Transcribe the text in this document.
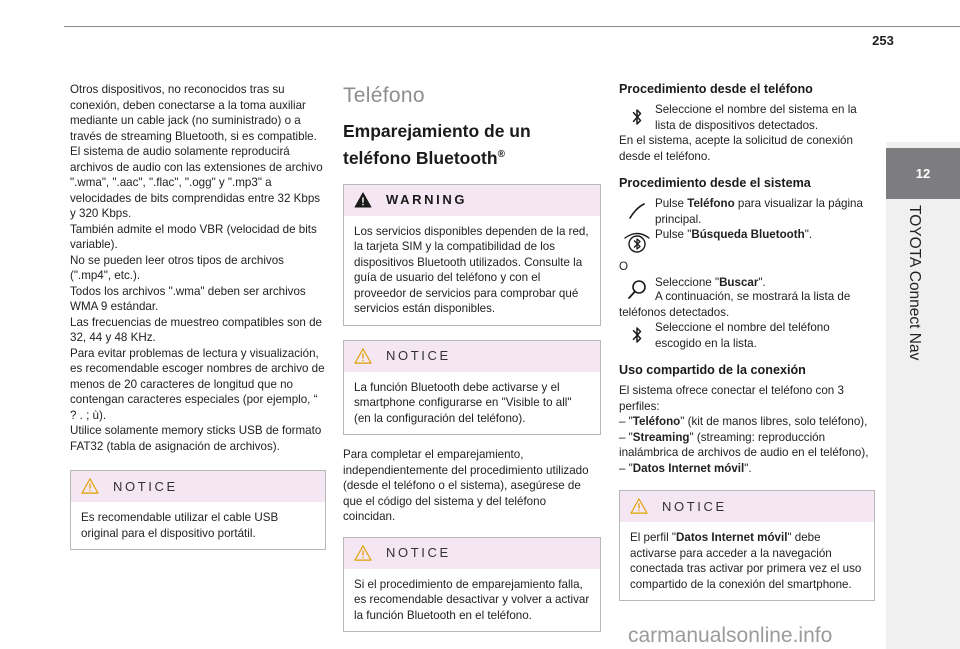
253
12
TOYOTA Connect Nav

Otros dispositivos, no reconocidos tras su conexión, deben conectarse a la toma auxiliar mediante un cable jack (no suministrado) o a través de streaming Bluetooth, si es compatible.

El sistema de audio solamente reproducirá archivos de audio con las extensiones de archivo ".wma", ".aac", ".flac", ".ogg" y ".mp3" a velocidades de bits comprendidas entre 32 Kbps y 320 Kbps.

También admite el modo VBR (velocidad de bits variable).

No se pueden leer otros tipos de archivos (".mp4", etc.).

Todos los archivos ".wma" deben ser archivos WMA 9 estándar.

Las frecuencias de muestreo compatibles son de 32, 44 y 48 KHz.

Para evitar problemas de lectura y visualización, es recomendable escoger nombres de archivo de menos de 20 caracteres de longitud que no contengan caracteres especiales (por ejemplo, “ ? . ; ù).

Utilice solamente memory sticks USB de formato FAT32 (tabla de asignación de archivos).

NOTICE

Es recomendable utilizar el cable USB original para el dispositivo portátil.

Teléfono
Emparejamiento de un teléfono Bluetooth®
WARNING

Los servicios disponibles dependen de la red, la tarjeta SIM y la compatibilidad de los dispositivos Bluetooth utilizados. Consulte la guía de usuario del teléfono y con el proveedor de servicios para comprobar qué servicios están disponibles.

NOTICE

La función Bluetooth debe activarse y el smartphone configurarse en "Visible to all" (en la configuración del teléfono).

Para completar el emparejamiento, independientemente del procedimiento utilizado (desde el teléfono o el sistema), asegúrese de que el código del sistema y del teléfono coincidan.

NOTICE

Si el procedimiento de emparejamiento falla, es recomendable desactivar y volver a activar la función Bluetooth en el teléfono.

Procedimiento desde el teléfono

Seleccione el nombre del sistema en la lista de dispositivos detectados.

En el sistema, acepte la solicitud de conexión desde el teléfono.

Procedimiento desde el sistema

Pulse Teléfono para visualizar la página principal.

Pulse "Búsqueda Bluetooth".

O

Seleccione "Buscar".

A continuación, se mostrará la lista de teléfonos detectados.

Seleccione el nombre del teléfono escogido en la lista.

Uso compartido de la conexión

El sistema ofrece conectar el teléfono con 3 perfiles:

– "Teléfono" (kit de manos libres, solo teléfono),

– "Streaming" (streaming: reproducción inalámbrica de archivos de audio en el teléfono),

– "Datos Internet móvil".

NOTICE

El perfil "Datos Internet móvil" debe activarse para acceder a la navegación conectada tras activar por primera vez el uso compartido de la conexión del smartphone.

carmanualsonline.info
